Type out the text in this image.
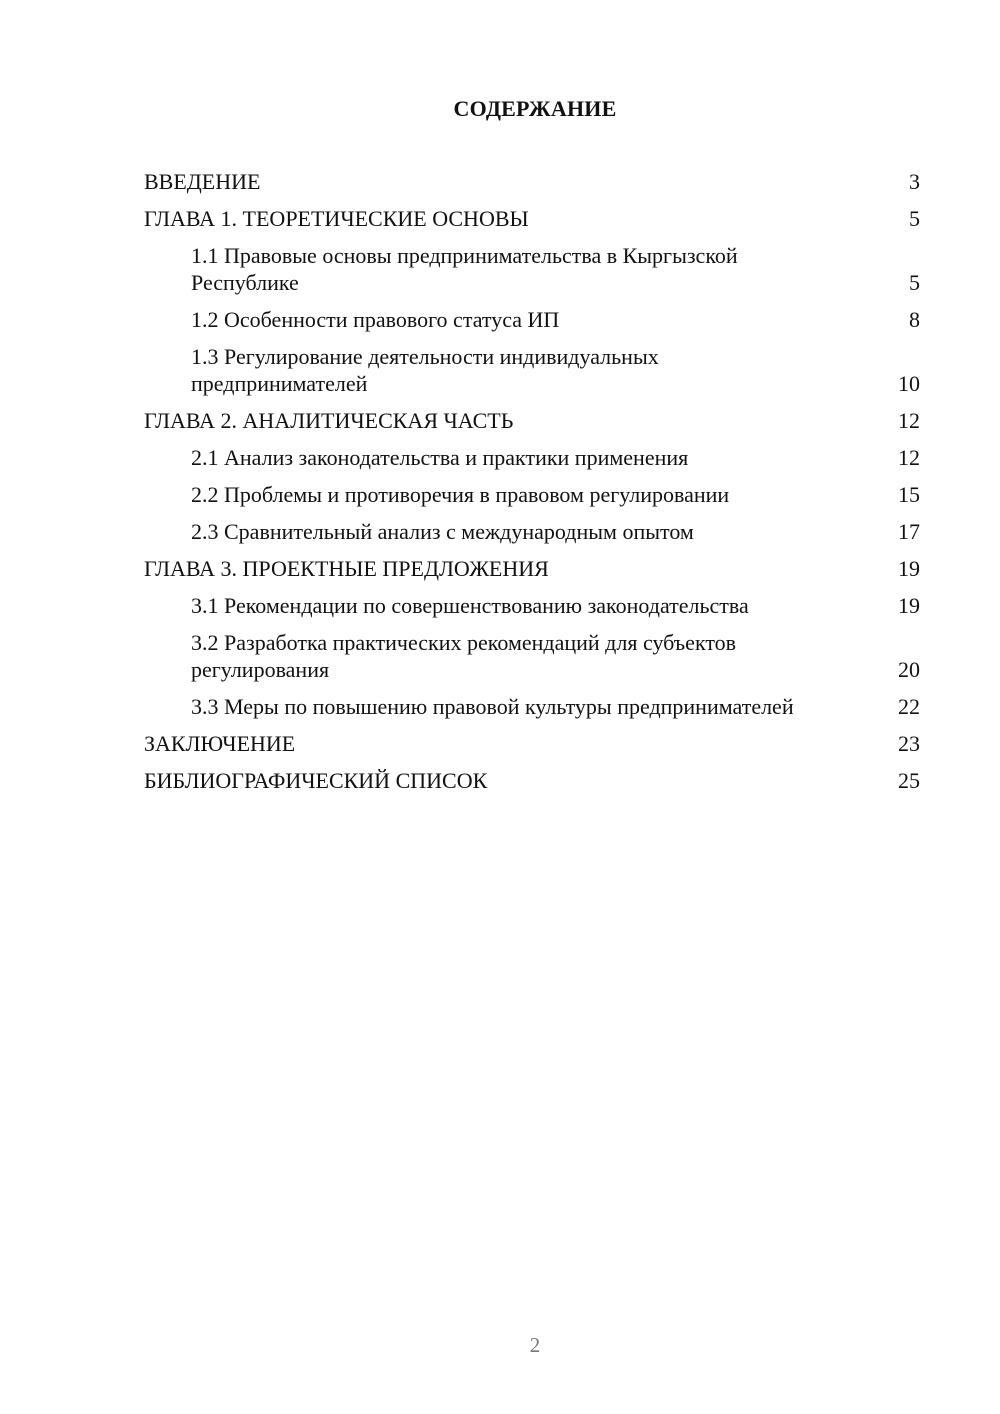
СОДЕРЖАНИЕ
ВВЕДЕНИЕ	3
ГЛАВА 1. ТЕОРЕТИЧЕСКИЕ ОСНОВЫ	5
1.1 Правовые основы предпринимательства в Кыргызской Республике	5
1.2 Особенности правового статуса ИП	8
1.3 Регулирование деятельности индивидуальных предпринимателей	10
ГЛАВА 2. АНАЛИТИЧЕСКАЯ ЧАСТЬ	12
2.1 Анализ законодательства и практики применения	12
2.2 Проблемы и противоречия в правовом регулировании	15
2.3 Сравнительный анализ с международным опытом	17
ГЛАВА 3. ПРОЕКТНЫЕ ПРЕДЛОЖЕНИЯ	19
3.1 Рекомендации по совершенствованию законодательства	19
3.2 Разработка практических рекомендаций для субъектов регулирования	20
3.3 Меры по повышению правовой культуры предпринимателей	22
ЗАКЛЮЧЕНИЕ	23
БИБЛИОГРАФИЧЕСКИЙ СПИСОК	25
2
